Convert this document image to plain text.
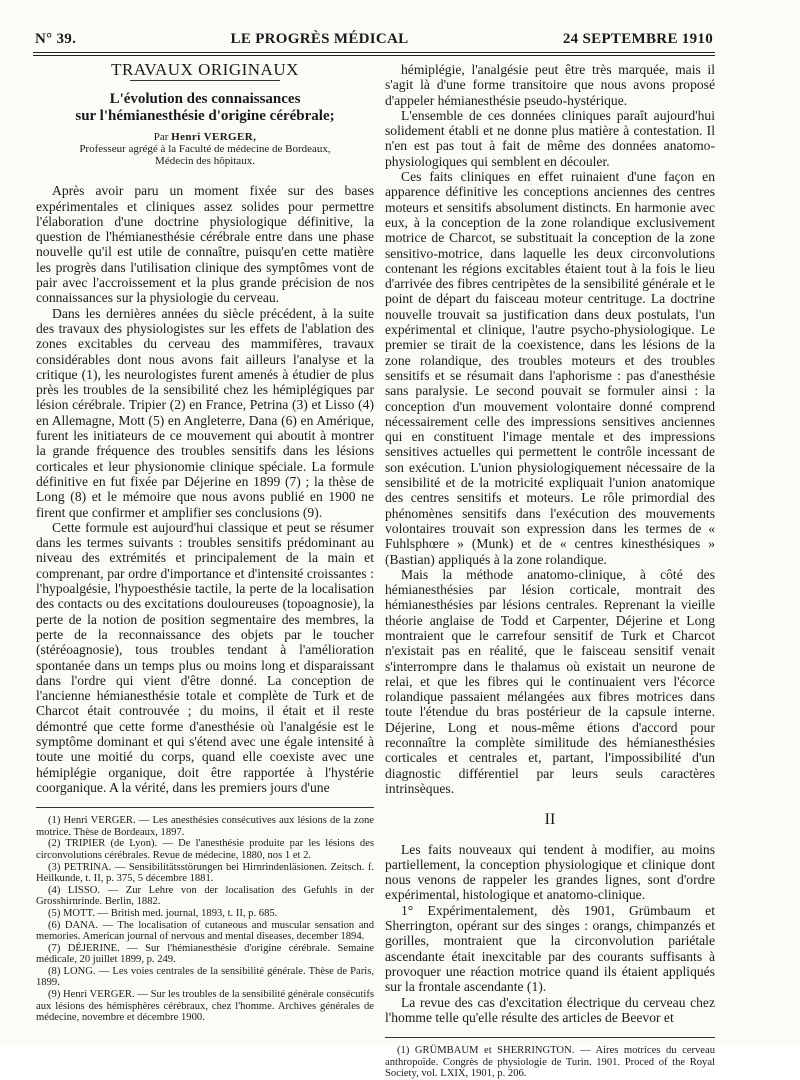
N° 39.	LE PROGRÈS MÉDICAL	24 SEPTEMBRE 1910
TRAVAUX ORIGINAUX
L'évolution des connaissances
sur l'hémianesthésie d'origine cérébrale;
Par Henri VERGER,
Professeur agrégé à la Faculté de médecine de Bordeaux,
Médecin des hôpitaux.

Après avoir paru un moment fixée sur des bases expérimentales et cliniques assez solides pour permettre l'élaboration d'une doctrine physiologique définitive, la question de l'hémianesthésie cérébrale entre dans une phase nouvelle qu'il est utile de connaître, puisqu'en cette matière les progrès dans l'utilisation clinique des symptômes vont de pair avec l'accroissement et la plus grande précision de nos connaissances sur la physiologie du cerveau.

Dans les dernières années du siècle précédent, à la suite des travaux des physiologistes sur les effets de l'ablation des zones excitables du cerveau des mammifères, travaux considérables dont nous avons fait ailleurs l'analyse et la critique (1), les neurologistes furent amenés à étudier de plus près les troubles de la sensibilité chez les hémiplégiques par lésion cérébrale. Tripier (2) en France, Petrina (3) et Lisso (4) en Allemagne, Mott (5) en Angleterre, Dana (6) en Amérique, furent les initiateurs de ce mouvement qui aboutit à montrer la grande fréquence des troubles sensitifs dans les lésions corticales et leur physionomie clinique spéciale. La formule définitive en fut fixée par Déjerine en 1899 (7) ; la thèse de Long (8) et le mémoire que nous avons publié en 1900 ne firent que confirmer et amplifier ses conclusions (9).

Cette formule est aujourd'hui classique et peut se résumer dans les termes suivants : troubles sensitifs prédominant au niveau des extrémités et principalement de la main et comprenant, par ordre d'importance et d'intensité croissantes : l'hypoalgésie, l'hypoesthésie tactile, la perte de la localisation des contacts ou des excitations douloureuses (topoagnosie), la perte de la notion de position segmentaire des membres, la perte de la reconnaissance des objets par le toucher (stéréoagnosie), tous troubles tendant à l'amélioration spontanée dans un temps plus ou moins long et disparaissant dans l'ordre qui vient d'être donné. La conception de l'ancienne hémianesthésie totale et complète de Turk et de Charcot était controuvée ; du moins, il était et il reste démontré que cette forme d'anesthésie où l'analgésie est le symptôme dominant et qui s'étend avec une égale intensité à toute une moitié du corps, quand elle coexiste avec une hémiplégie organique, doit être rapportée à l'hystérie coorganique. A la vérité, dans les premiers jours d'une

(1) Henri VERGER. — Les anesthésies consécutives aux lésions de la zone motrice. Thèse de Bordeaux, 1897.
(2) TRIPIER (de Lyon). — De l'anesthésie produite par les lésions des circonvolutions cérébrales. Revue de médecine, 1880, nos 1 et 2.
(3) PETRINA. — Sensibilitätsstörungen bei Hirnrindenläsionen. Zeitsch. f. Heilkunde, t. II, p. 375, 5 décembre 1881.
(4) LISSO. — Zur Lehre von der localisation des Gefuhls in der Grosshirnrinde. Berlin, 1882.
(5) MOTT. — British med. journal, 1893, t. II, p. 685.
(6) DANA. — The localisation of cutaneous and muscular sensation and memories. American journal of nervous and mental diseases, december 1894.
(7) DÉJERINE. — Sur l'hémianesthésie d'origine cérébrale. Semaine médicale, 20 juillet 1899, p. 249.
(8) LONG. — Les voies centrales de la sensibilité générale. Thèse de Paris, 1899.
(9) Henri VERGER. — Sur les troubles de la sensibilité générale consécutifs aux lésions des hémisphères cérébraux, chez l'homme. Archives générales de médecine, novembre et décembre 1900.

hémiplégie, l'analgésie peut être très marquée, mais il s'agit là d'une forme transitoire que nous avons proposé d'appeler hémianesthésie pseudo-hystérique.

L'ensemble de ces données cliniques paraît aujourd'hui solidement établi et ne donne plus matière à contestation. Il n'en est pas tout à fait de même des données anatomo-physiologiques qui semblent en découler.

Ces faits cliniques en effet ruinaient d'une façon en apparence définitive les conceptions anciennes des centres moteurs et sensitifs absolument distincts. En harmonie avec eux, à la conception de la zone rolandique exclusivement motrice de Charcot, se substituait la conception de la zone sensitivo-motrice, dans laquelle les deux circonvolutions contenant les régions excitables étaient tout à la fois le lieu d'arrivée des fibres centripètes de la sensibilité générale et le point de départ du faisceau moteur centrituge. La doctrine nouvelle trouvait sa justification dans deux postulats, l'un expérimental et clinique, l'autre psycho-physiologique. Le premier se tirait de la coexistence, dans les lésions de la zone rolandique, des troubles moteurs et des troubles sensitifs et se résumait dans l'aphorisme : pas d'anesthésie sans paralysie. Le second pouvait se formuler ainsi : la conception d'un mouvement volontaire donné comprend nécessairement celle des impressions sensitives anciennes qui en constituent l'image mentale et des impressions sensitives actuelles qui permettent le contrôle incessant de son exécution. L'union physiologiquement nécessaire de la sensibilité et de la motricité expliquait l'union anatomique des centres sensitifs et moteurs. Le rôle primordial des phénomènes sensitifs dans l'exécution des mouvements volontaires trouvait son expression dans les termes de « Fuhlsphœre » (Munk) et de « centres kinesthésiques » (Bastian) appliqués à la zone rolandique.

Mais la méthode anatomo-clinique, à côté des hémianesthésies par lésion corticale, montrait des hémianesthésies par lésions centrales. Reprenant la vieille théorie anglaise de Todd et Carpenter, Déjerine et Long montraient que le carrefour sensitif de Turk et Charcot n'existait pas en réalité, que le faisceau sensitif venait s'interrompre dans le thalamus où existait un neurone de relai, et que les fibres qui le continuaient vers l'écorce rolandique passaient mélangées aux fibres motrices dans toute l'étendue du bras postérieur de la capsule interne. Déjerine, Long et nous-même étions d'accord pour reconnaître la complète similitude des hémianesthésies corticales et centrales et, partant, l'impossibilité d'un diagnostic différentiel par leurs seuls caractères intrinsèques.

II

Les faits nouveaux qui tendent à modifier, au moins partiellement, la conception physiologique et clinique dont nous venons de rappeler les grandes lignes, sont d'ordre expérimental, histologique et anatomo-clinique.

1° Expérimentalement, dès 1901, Grümbaum et Sherrington, opérant sur des singes : orangs, chimpanzés et gorilles, montraient que la circonvolution pariétale ascendante était inexcitable par des courants suffisants à provoquer une réaction motrice quand ils étaient appliqués sur la frontale ascendante (1).

La revue des cas d'excitation électrique du cerveau chez l'homme telle qu'elle résulte des articles de Beevor et

(1) GRÜMBAUM et SHERRINGTON. — Aires motrices du cerveau anthropoïde. Congrès de physiologie de Turin. 1901. Proced of the Royal Society, vol. LXIX, 1901, p. 206.
